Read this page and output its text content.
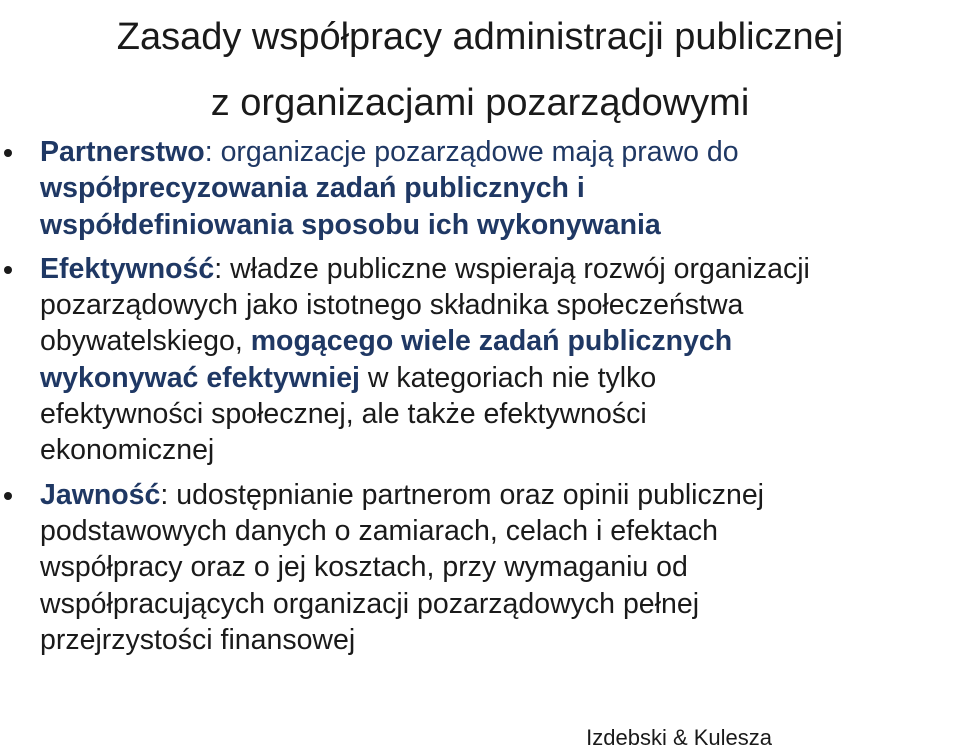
Zasady współpracy administracji publicznej
z organizacjami pozarządowymi
Partnerstwo: organizacje pozarządowe mają prawo do
współprecyzowania zadań publicznych i
współdefiniowania sposobu ich wykonywania
Efektywność: władze publiczne wspierają rozwój organizacji
pozarządowych jako istotnego składnika społeczeństwa
obywatelskiego, mogącego wiele zadań publicznych
wykonywać efektywniej w kategoriach nie tylko
efektywności społecznej, ale także efektywności
ekonomicznej
Jawność: udostępnianie partnerom oraz opinii publicznej
podstawowych danych o zamiarach, celach i efektach
współpracy oraz o jej kosztach, przy wymaganiu od
współpracujących organizacji pozarządowych pełnej
przejrzystości finansowej
Izdebski & Kulesza
